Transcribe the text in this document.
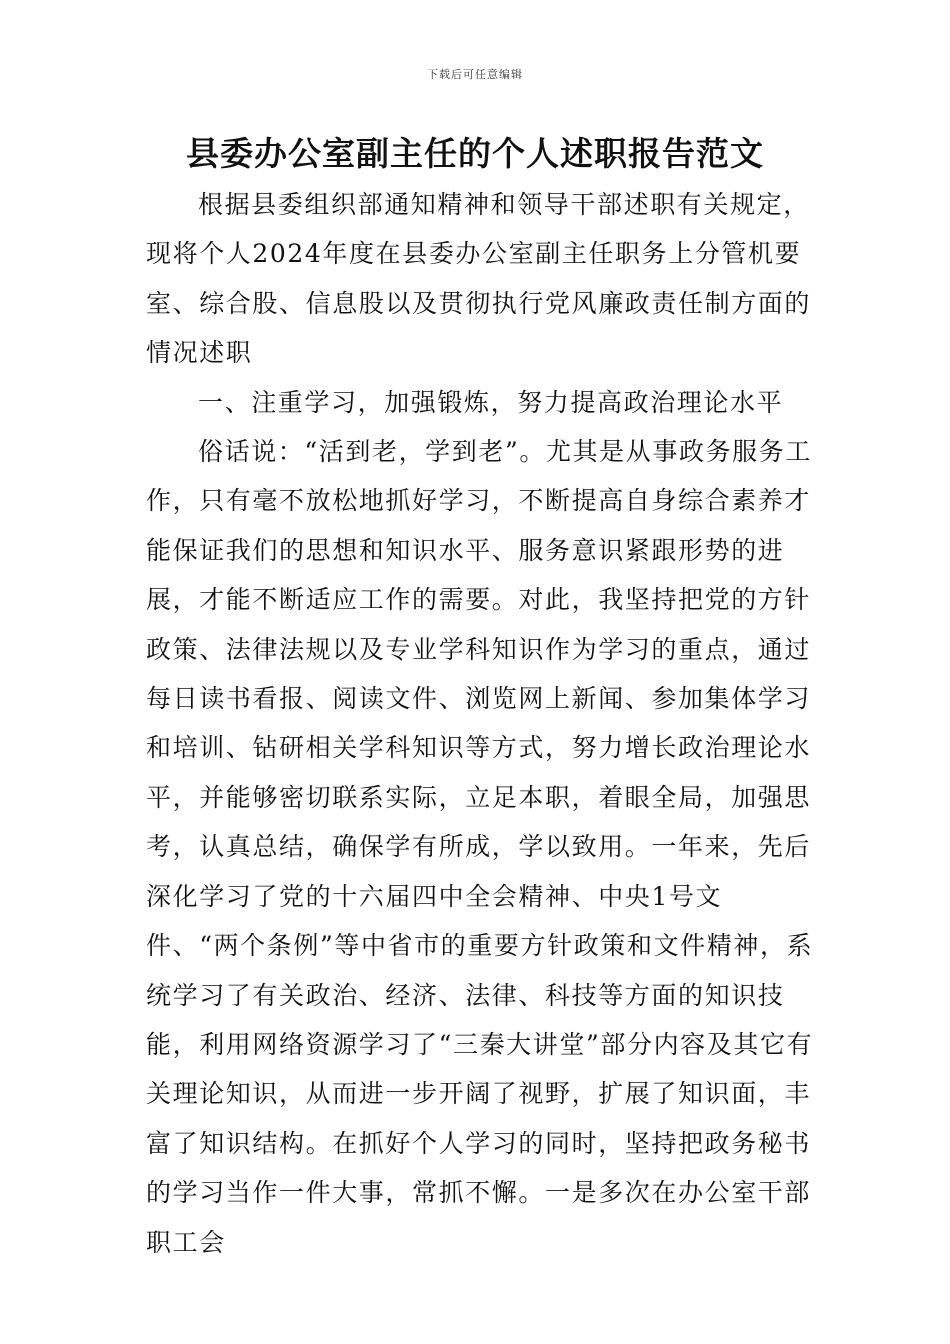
下载后可任意编辑
县委办公室副主任的个人述职报告范文

根据县委组织部通知精神和领导干部述职有关规定，现将个人2024年度在县委办公室副主任职务上分管机要室、综合股、信息股以及贯彻执行党风廉政责任制方面的情况述职

一、注重学习，加强锻炼，努力提高政治理论水平

俗话说：“活到老，学到老”。尤其是从事政务服务工作，只有毫不放松地抓好学习，不断提高自身综合素养才能保证我们的思想和知识水平、服务意识紧跟形势的进展，才能不断适应工作的需要。对此，我坚持把党的方针政策、法律法规以及专业学科知识作为学习的重点，通过每日读书看报、阅读文件、浏览网上新闻、参加集体学习和培训、钻研相关学科知识等方式，努力增长政治理论水平，并能够密切联系实际，立足本职，着眼全局，加强思考，认真总结，确保学有所成，学以致用。一年来，先后深化学习了党的十六届四中全会精神、中央1号文件、“两个条例”等中省市的重要方针政策和文件精神，系统学习了有关政治、经济、法律、科技等方面的知识技能，利用网络资源学习了“三秦大讲堂”部分内容及其它有关理论知识，从而进一步开阔了视野，扩展了知识面，丰富了知识结构。在抓好个人学习的同时，坚持把政务秘书的学习当作一件大事，常抓不懈。一是多次在办公室干部职工会
